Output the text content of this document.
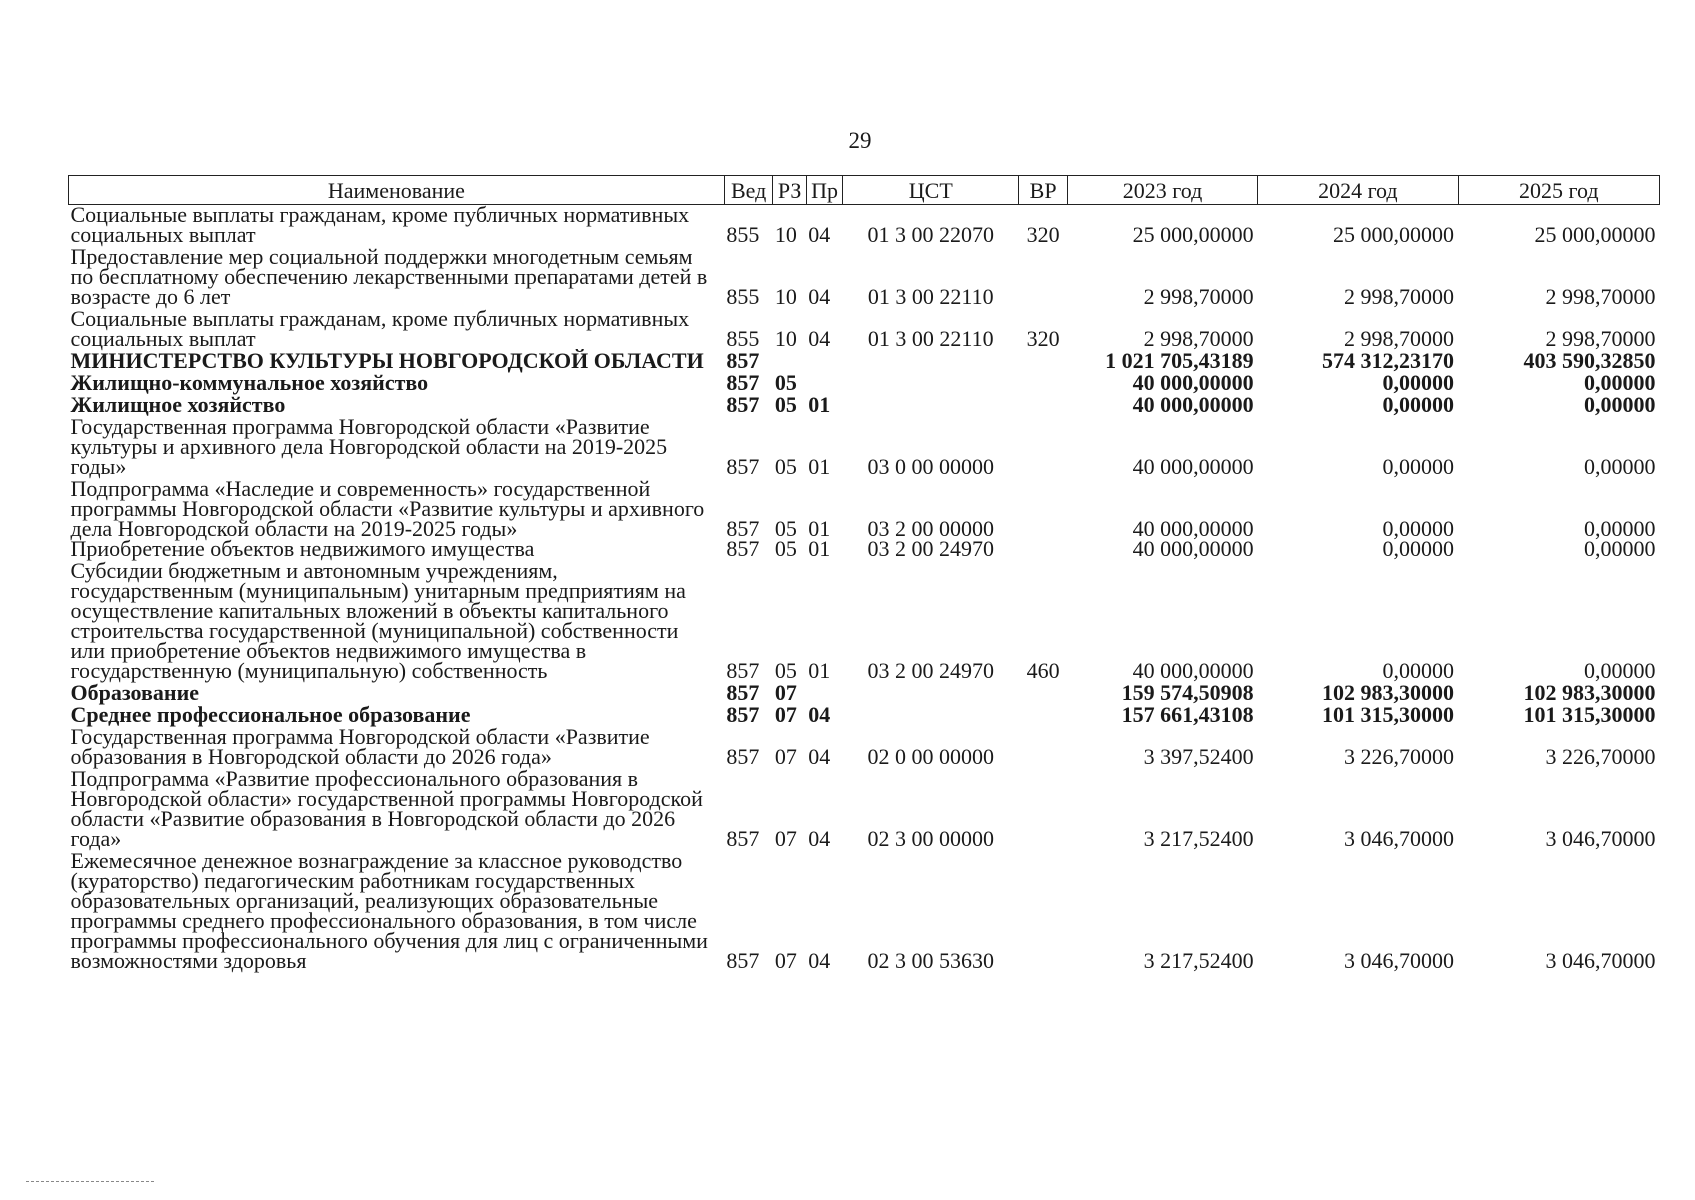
29
Наименование	Вед	РЗ	Пр	ЦСТ	ВР	2023 год	2024 год	2025 год
Социальные выплаты гражданам, кроме публичных нормативных социальных выплат	855	10	04	01 3 00 22070	320	25 000,00000	25 000,00000	25 000,00000
Предоставление мер социальной поддержки многодетным семьям по бесплатному обеспечению лекарственными препаратами детей в возрасте до 6 лет	855	10	04	01 3 00 22110		2 998,70000	2 998,70000	2 998,70000
Социальные выплаты гражданам, кроме публичных нормативных социальных выплат	855	10	04	01 3 00 22110	320	2 998,70000	2 998,70000	2 998,70000
МИНИСТЕРСТВО КУЛЬТУРЫ НОВГОРОДСКОЙ ОБЛАСТИ	857					1 021 705,43189	574 312,23170	403 590,32850
Жилищно-коммунальное хозяйство	857	05				40 000,00000	0,00000	0,00000
Жилищное хозяйство	857	05	01			40 000,00000	0,00000	0,00000
Государственная программа Новгородской области «Развитие культуры и архивного дела Новгородской области на 2019-2025 годы»	857	05	01	03 0 00 00000		40 000,00000	0,00000	0,00000
Подпрограмма «Наследие и современность» государственной программы Новгородской области «Развитие культуры и архивного дела Новгородской области на 2019-2025 годы»	857	05	01	03 2 00 00000		40 000,00000	0,00000	0,00000
Приобретение объектов недвижимого имущества	857	05	01	03 2 00 24970		40 000,00000	0,00000	0,00000
Субсидии бюджетным и автономным учреждениям, государственным (муниципальным) унитарным предприятиям на осуществление капитальных вложений в объекты капитального строительства государственной (муниципальной) собственности или приобретение объектов недвижимого имущества в государственную (муниципальную) собственность	857	05	01	03 2 00 24970	460	40 000,00000	0,00000	0,00000
Образование	857	07				159 574,50908	102 983,30000	102 983,30000
Среднее профессиональное образование	857	07	04			157 661,43108	101 315,30000	101 315,30000
Государственная программа Новгородской области «Развитие образования в Новгородской области до 2026 года»	857	07	04	02 0 00 00000		3 397,52400	3 226,70000	3 226,70000
Подпрограмма «Развитие профессионального образования в Новгородской области» государственной программы Новгородской области «Развитие образования в Новгородской области до 2026 года»	857	07	04	02 3 00 00000		3 217,52400	3 046,70000	3 046,70000
Ежемесячное денежное вознаграждение за классное руководство (кураторство) педагогическим работникам государственных образовательных организаций, реализующих образовательные программы среднего профессионального образования, в том числе программы профессионального обучения для лиц с ограниченными возможностями здоровья	857	07	04	02 3 00 53630		3 217,52400	3 046,70000	3 046,70000
